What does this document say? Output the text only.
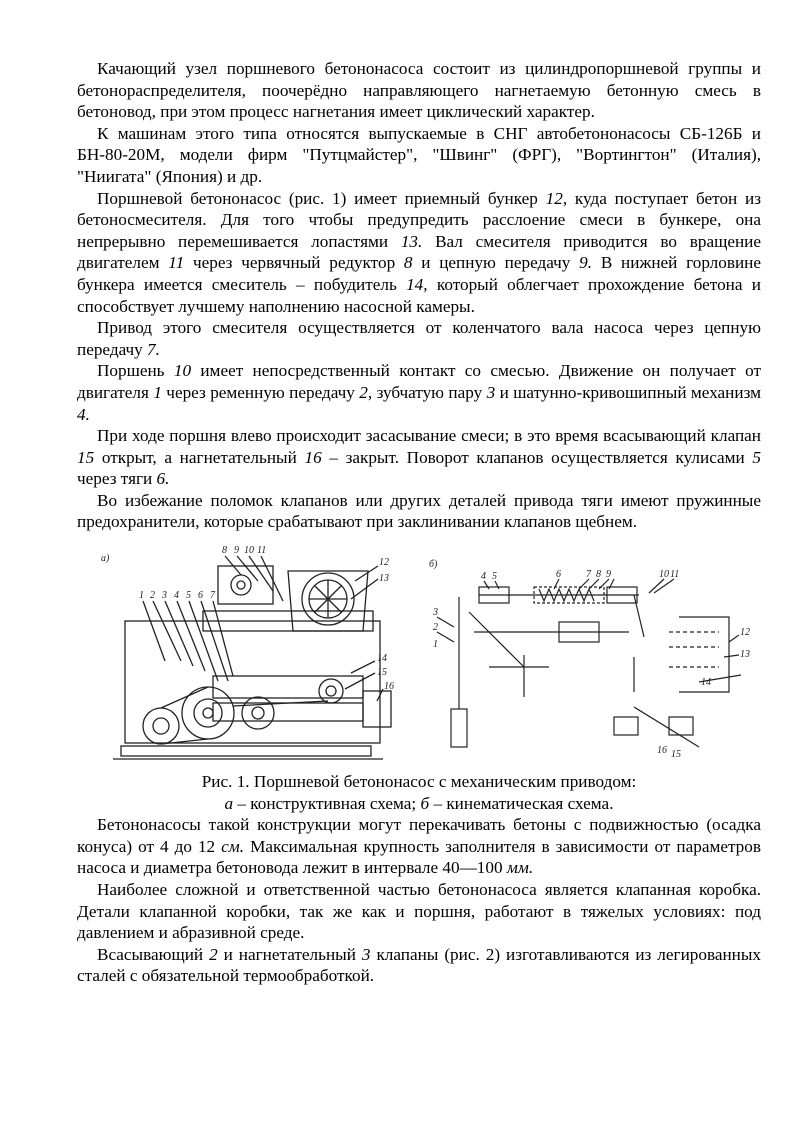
Качающий узел поршневого бетононасоса состоит из цилиндропоршневой группы и бетонораспределителя, поочерёдно направляющего нагнетаемую бетонную смесь в бетоновод, при этом процесс нагнетания имеет циклический характер.

К машинам этого типа относятся выпускаемые в СНГ автобетононасосы СБ-126Б и БН-80-20М, модели фирм "Путцмайстер", "Швинг" (ФРГ), "Вортингтон" (Италия), "Ниигата" (Япония) и др.

Поршневой бетононасос (рис. 1) имеет приемный бункер 12, куда поступает бетон из бетоносмесителя. Для того чтобы предупредить расслоение смеси в бункере, она непрерывно перемешивается лопастями 13. Вал смесителя приводится во вращение двигателем 11 через червячный редуктор 8 и цепную передачу 9. В нижней горловине бункера имеется смеситель – побудитель 14, который облегчает прохождение бетона и способствует лучшему наполнению насосной камеры.

Привод этого смесителя осуществляется от коленчатого вала насоса через цепную передачу 7.

Поршень 10 имеет непосредственный контакт со смесью. Движение он получает от двигателя 1 через ременную передачу 2, зубчатую пару 3 и шатунно-кривошипный механизм 4.

При ходе поршня влево происходит засасывание смеси; в это время всасывающий клапан 15 открыт, а нагнетательный 16 – закрыт. Поворот клапанов осуществляется кулисами 5 через тяги 6.

Во избежание поломок клапанов или других деталей привода тяги имеют пружинные предохранители, которые срабатывают при заклинивании клапанов щебнем.

а)
1 2 3 4 5 6 7
8 9 10 11
12
13
14
15
16
б)
1
2
3
4 5	6	7 8 9	10 11
12
13
14
15
16
Рис. 1. Поршневой бетононасос с механическим приводом:
а – конструктивная схема; б – кинематическая схема.

Бетононасосы такой конструкции могут перекачивать бетоны с подвижностью (осадка конуса) от 4 до 12 см. Максимальная крупность заполнителя в зависимости от параметров насоса и диаметра бетоновода лежит в интервале 40—100 мм.

Наиболее сложной и ответственной частью бетононасоса является клапанная коробка. Детали клапанной коробки, так же как и поршня, работают в тяжелых условиях: под давлением и абразивной среде.

Всасывающий 2 и нагнетательный 3 клапаны (рис. 2) изготавливаются из легированных сталей с обязательной термообработкой.
